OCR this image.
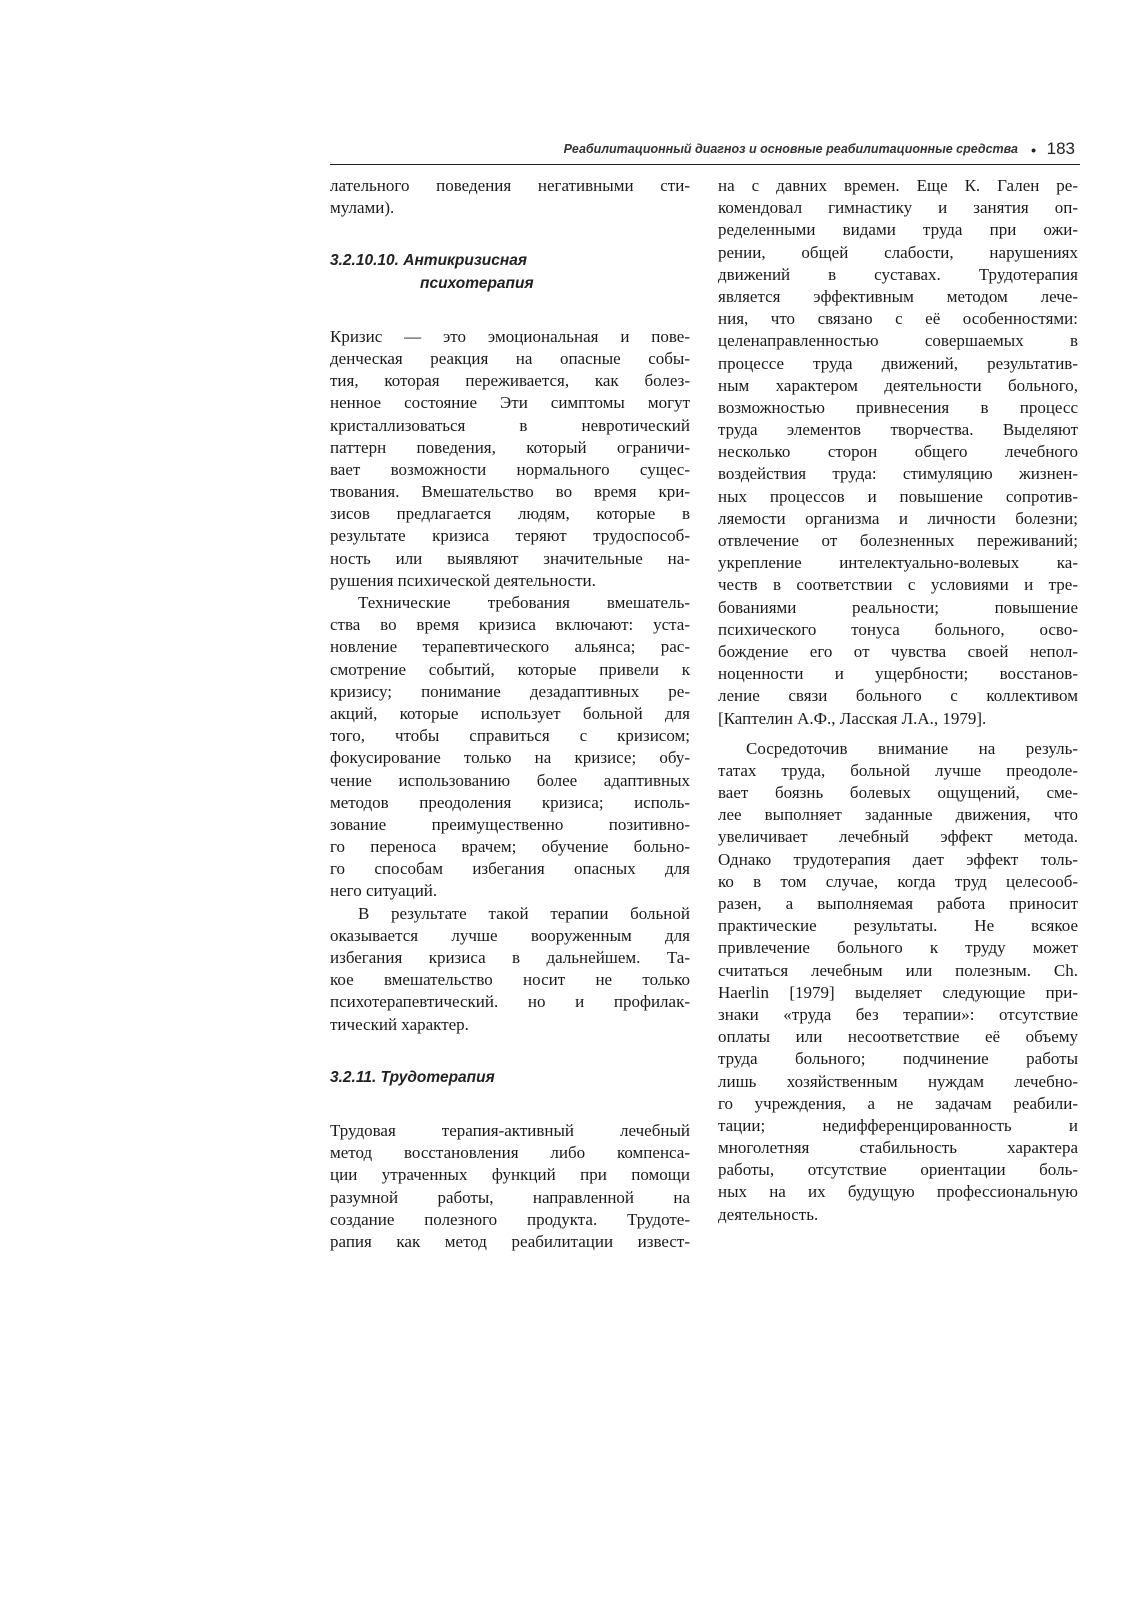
Реабилитационный диагноз и основные реабилитационные средства • 183
лательного поведения негативными сти-
мулами).
3.2.10.10. Антикризисная
психотерапия
Кризис — это эмоциональная и пове-
денческая реакция на опасные собы-
тия, которая переживается, как болез-
ненное состояние Эти симптомы могут
кристаллизоваться в невротический
паттерн поведения, который ограничи-
вает возможности нормального сущес-
твования. Вмешательство во время кри-
зисов предлагается людям, которые в
результате кризиса теряют трудоспособ-
ность или выявляют значительные на-
рушения психической деятельности.
Технические требования вмешатель-
ства во время кризиса включают: уста-
новление терапевтического альянса; рас-
смотрение событий, которые привели к
кризису; понимание дезадаптивных ре-
акций, которые использует больной для
того, чтобы справиться с кризисом;
фокусирование только на кризисе; обу-
чение использованию более адаптивных
методов преодоления кризиса; исполь-
зование преимущественно позитивно-
го переноса врачем; обучение больно-
го способам избегания опасных для
него ситуаций.
В результате такой терапии больной
оказывается лучше вооруженным для
избегания кризиса в дальнейшем. Та-
кое вмешательство носит не только
психотерапевтический. но и профилак-
тический характер.
3.2.11. Трудотерапия
Трудовая терапия-активный лечебный
метод восстановления либо компенса-
ции утраченных функций при помощи
разумной работы, направленной на
создание полезного продукта. Трудоте-
рапия как метод реабилитации извест-
на с давних времен. Еще К. Гален ре-
комендовал гимнастику и занятия оп-
ределенными видами труда при ожи-
рении, общей слабости, нарушениях
движений в суставах. Трудотерапия
является эффективным методом лече-
ния, что связано с её особенностями:
целенаправленностью совершаемых в
процессе труда движений, результатив-
ным характером деятельности больного,
возможностью привнесения в процесс
труда элементов творчества. Выделяют
несколько сторон общего лечебного
воздействия труда: стимуляцию жизнен-
ных процессов и повышение сопротив-
ляемости организма и личности болезни;
отвлечение от болезненных переживаний;
укрепление интелектуально-волевых ка-
честв в соответствии с условиями и тре-
бованиями реальности; повышение
психического тонуса больного, осво-
бождение его от чувства своей непол-
ноценности и ущербности; восстанов-
ление связи больного с коллективом
[Каптелин А.Ф., Ласская Л.А., 1979].
Сосредоточив внимание на резуль-
татах труда, больной лучше преодоле-
вает боязнь болевых ощущений, сме-
лее выполняет заданные движения, что
увеличивает лечебный эффект метода.
Однако трудотерапия дает эффект толь-
ко в том случае, когда труд целесооб-
разен, а выполняемая работа приносит
практические результаты. Не всякое
привлечение больного к труду может
считаться лечебным или полезным. Ch.
Haerlin [1979] выделяет следующие при-
знаки «труда без терапии»: отсутствие
оплаты или несоответствие её объему
труда больного; подчинение работы
лишь хозяйственным нуждам лечебно-
го учреждения, а не задачам реабили-
тации; недифференцированность и
многолетняя стабильность характера
работы, отсутствие ориентации боль-
ных на их будущую профессиональную
деятельность.
